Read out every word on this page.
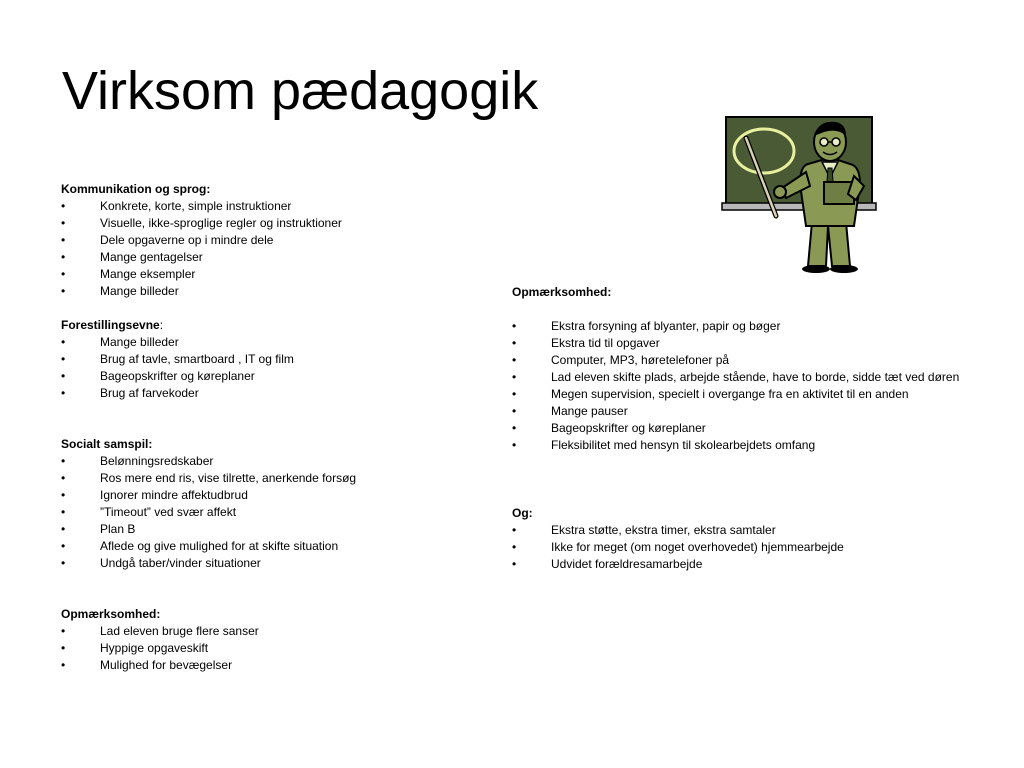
Virksom pædagogik
Kommunikation og sprog:
•	Konkrete, korte, simple instruktioner
•	Visuelle, ikke-sproglige regler og instruktioner
•	Dele opgaverne op i mindre dele
•	Mange gentagelser
•	Mange eksempler
•	Mange billeder
Forestillingsevne:
•	Mange billeder
•	Brug af tavle, smartboard , IT og film
•	Bageopskrifter og køreplaner
•	Brug af farvekoder
Socialt samspil:
•	Belønningsredskaber
•	Ros mere end ris, vise tilrette, anerkende forsøg
•	Ignorer mindre affektudbrud
•	”Timeout” ved svær affekt
•	Plan B
•	Aflede og give mulighed for at skifte situation
•	Undgå taber/vinder situationer
Opmærksomhed:
•	Lad eleven bruge flere sanser
•	Hyppige opgaveskift
•	Mulighed for bevægelser
Opmærksomhed:
•	Ekstra forsyning af blyanter, papir og bøger
•	Ekstra tid til opgaver
•	Computer, MP3, høretelefoner på
•	Lad eleven skifte plads, arbejde stående, have to borde, sidde tæt ved døren
•	Megen supervision, specielt i overgange fra en aktivitet til en anden
•	Mange pauser
•	Bageopskrifter og køreplaner
•	Fleksibilitet med hensyn til skolearbejdets omfang
Og:
•	Ekstra støtte, ekstra timer, ekstra samtaler
•	Ikke for meget (om noget overhovedet) hjemmearbejde
•	Udvidet forældresamarbejde
